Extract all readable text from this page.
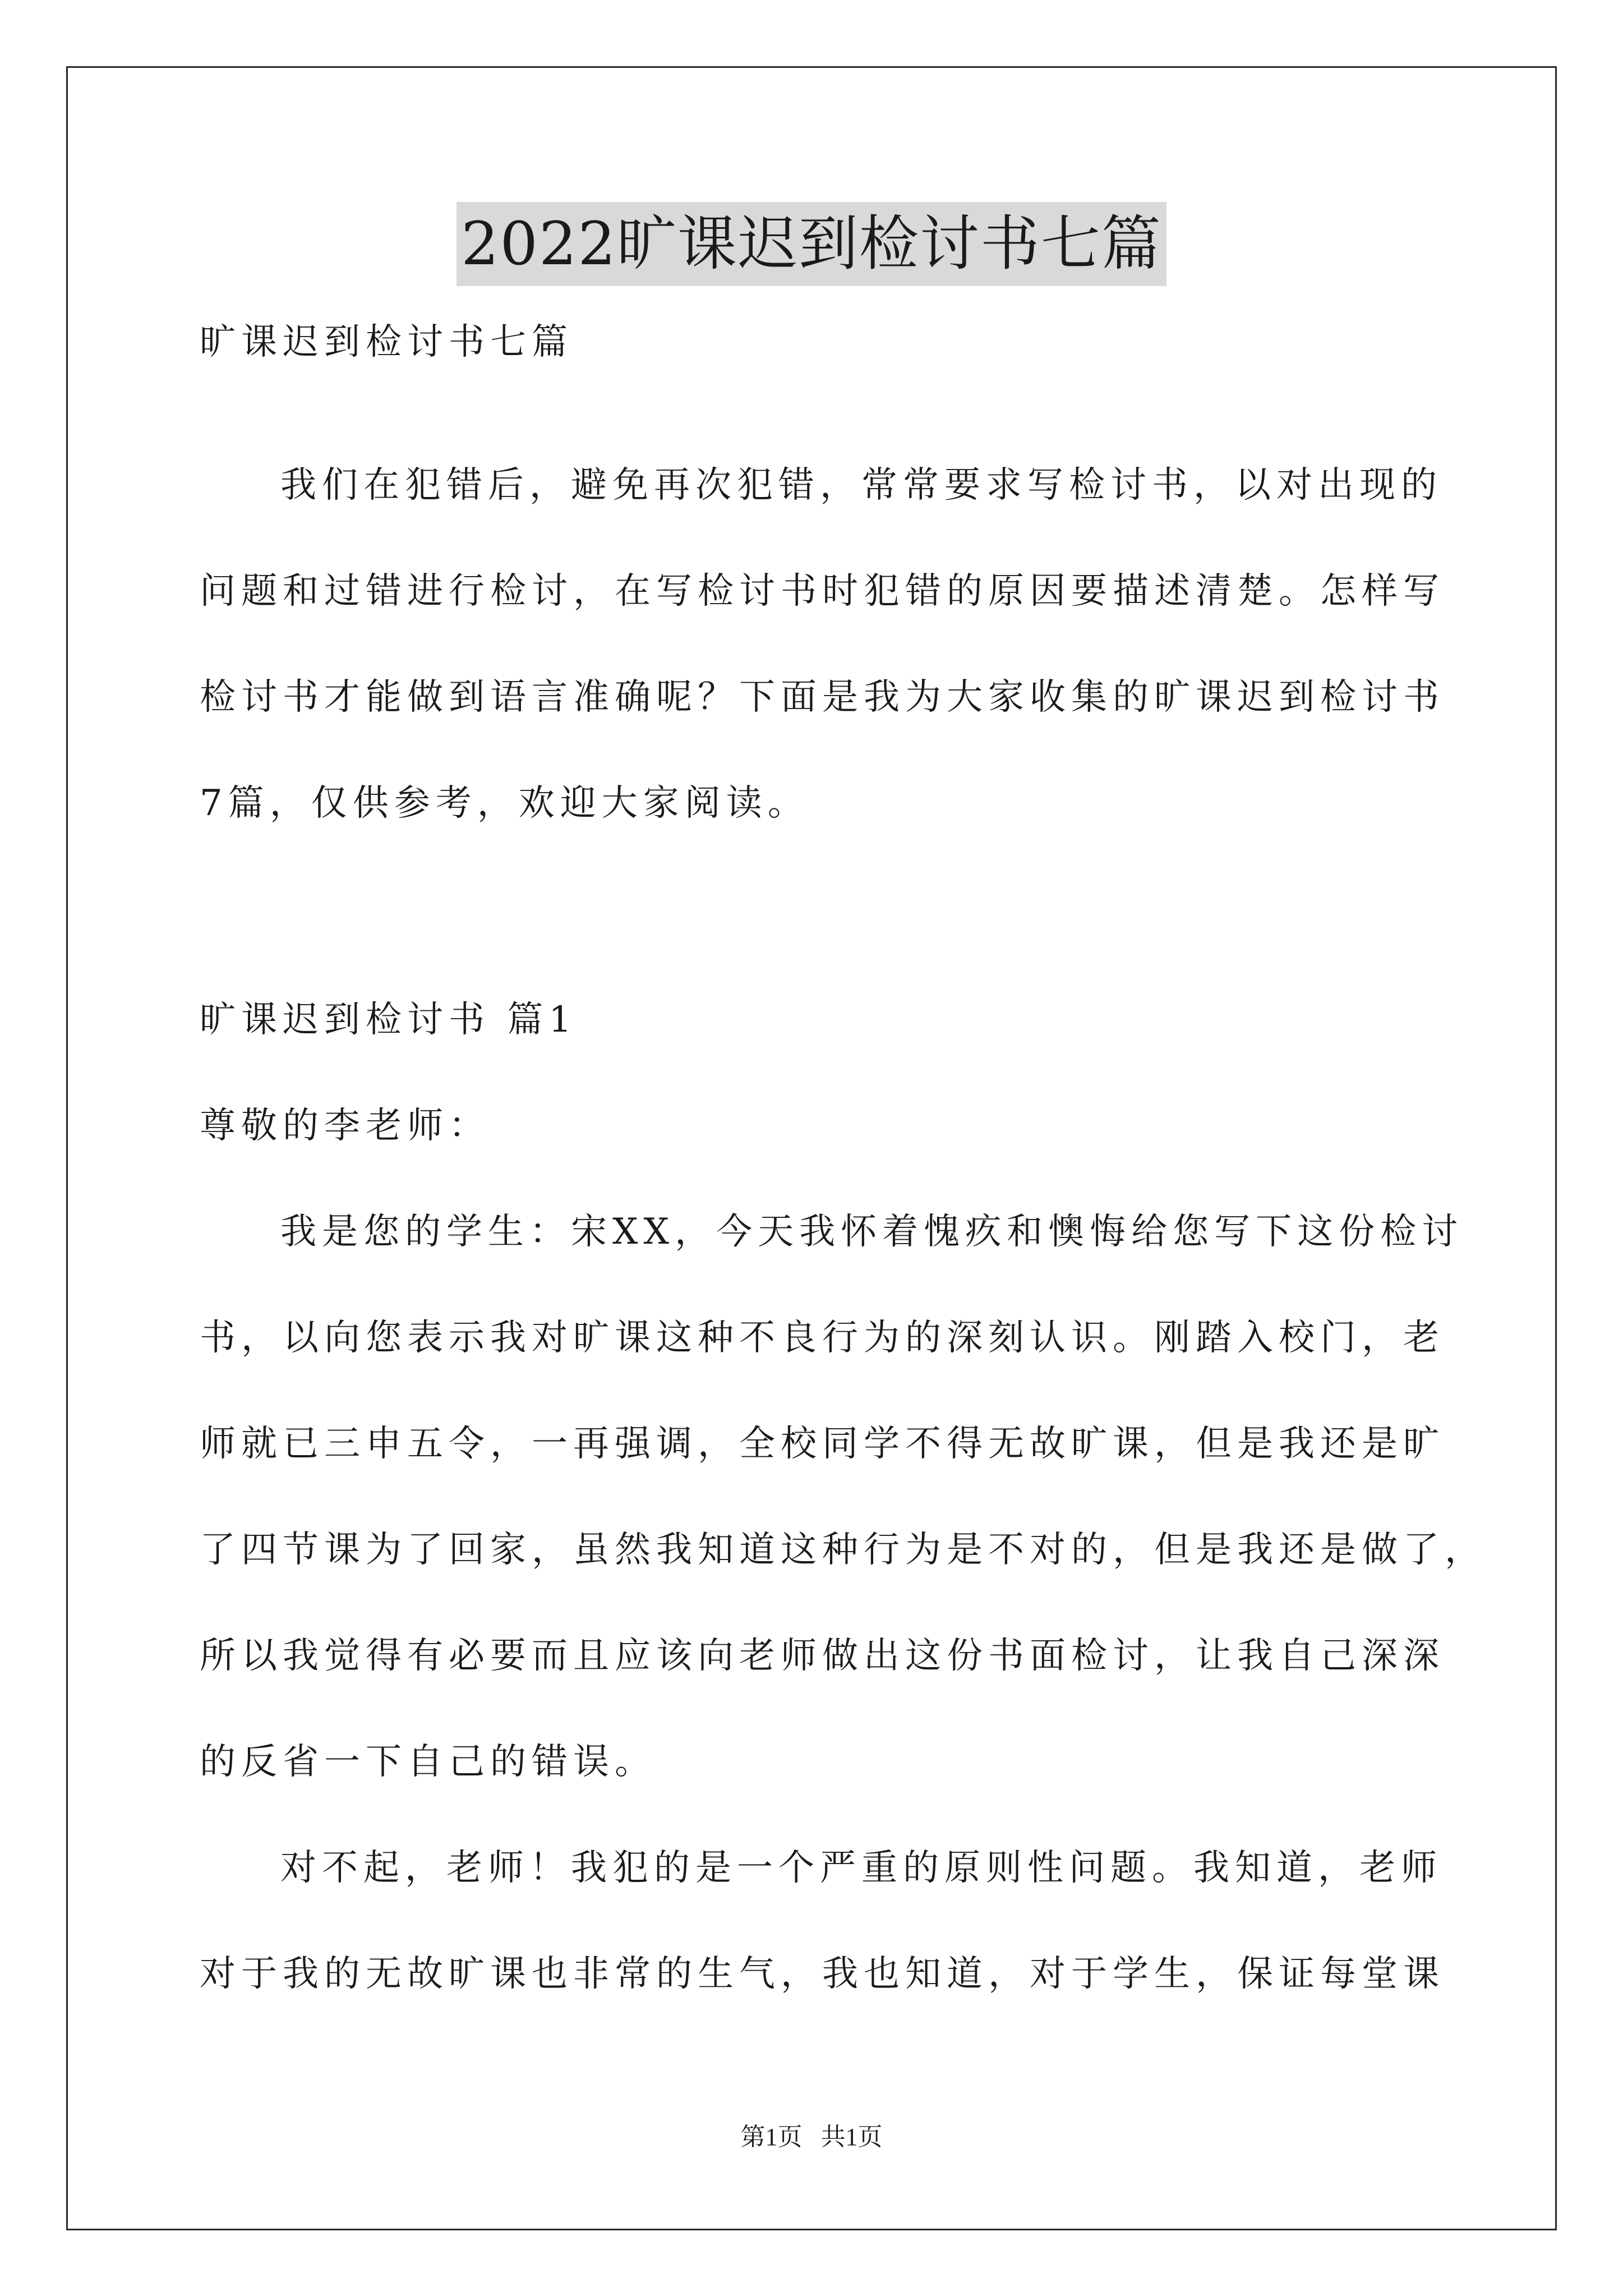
2022旷课迟到检讨书七篇

旷课迟到检讨书七篇

我们在犯错后，避免再次犯错，常常要求写检讨书，以对出现的

问题和过错进行检讨，在写检讨书时犯错的原因要描述清楚。怎样写

检讨书才能做到语言准确呢？下面是我为大家收集的旷课迟到检讨书

7篇，仅供参考，欢迎大家阅读。

旷课迟到检讨书 篇1

尊敬的李老师：

我是您的学生：宋XX，今天我怀着愧疚和懊悔给您写下这份检讨

书，以向您表示我对旷课这种不良行为的深刻认识。刚踏入校门，老

师就已三申五令，一再强调，全校同学不得无故旷课，但是我还是旷

了四节课为了回家，虽然我知道这种行为是不对的，但是我还是做了，

所以我觉得有必要而且应该向老师做出这份书面检讨，让我自己深深

的反省一下自己的错误。

对不起，老师！我犯的是一个严重的原则性问题。我知道，老师

对于我的无故旷课也非常的生气，我也知道，对于学生，保证每堂课

第1页   共1页
